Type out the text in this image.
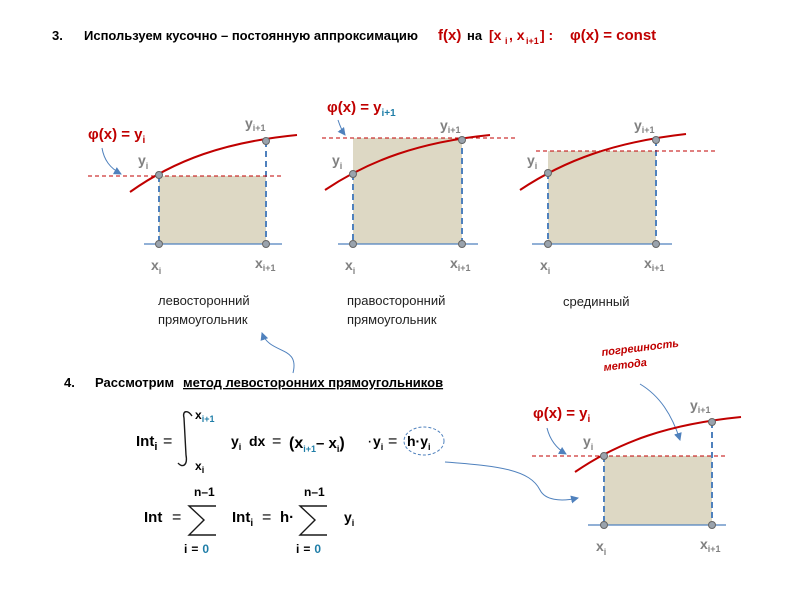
3. Используем кусочно – постоянную аппроксимацию f(x) на [x i , x i+1 ] : φ(x) = const
$x_i$	$x_{i+1}$
$y_i$
$y_{i+1}$
$\varphi(x) = y_i$
левосторонний
прямоугольник
$x_i$	$x_{i+1}$
$y_i$
$y_{i+1}$
$\varphi(x) = y_{i+1}$
правосторонний
прямоугольник
$x_i$	$x_{i+1}$
$y_i$
$y_{i+1}$
срединный
4. Рассмотрим метод левосторонних прямоугольников
погрешность
метода
Int$_i$ =
$x_{i+1}$
$x_i$
$y_i$ dx = ($x_{i+1}-$ $x_i) \cdot y_i = h\cdot y_i$
Int =
n–1
i = 0
Int$_i$ = h·
n–1
i = 0
$y_i$
$x_i$	$x_{i+1}$
$y_i$
$y_{i+1}$
$\varphi(x) = y_i$
